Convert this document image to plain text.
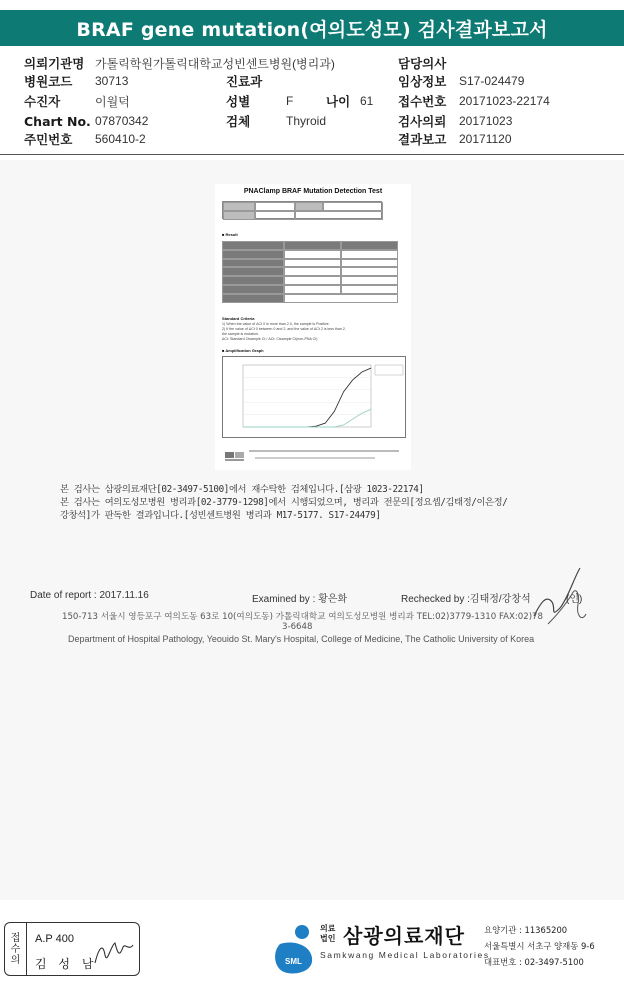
BRAF gene mutation(여의도성모) 검사결과보고서
의뢰기관명 가톨릭학원가톨릭대학교성빈센트병원(병리과)	담당의사
병원코드 30713	진료과	임상정보 S17-024479
수진자	이월덕	성별	F	나이 61 접수번호 20171023-22174
Chart No. 07870342	검체	Thyroid	검사의뢰 20171023
주민번호 560410-2	결과보고 20171120
PNAClamp BRAF Mutation Detection Test
■ Result
Standard Criteria
1) When the value of ΔCt 0 is more than 2.0, the sample is Positive.
2) If the value of ΔCt 0 between 0 and 2, and the value of ΔCt 2 is less than 2,
the sample is mutation.
ΔCt: Standard Ctsample Ct / ΔCt: Ctsample Ct(non-PNA Ct)
■ Amplification Graph
본 검사는 삼광의료재단[02-3497-5100]에서 재수탁한 검체입니다.[삼광 1023-22174]
본 검사는 여의도성모병원 병리과[02-3779-1298]에서 시행되었으며, 병리과 전문의[정요셉/김태정/이은정/
강창석]가 판독한 결과입니다.[성빈센트병원 병리과 M17-5177. S17-24479]
Date of report : 2017.11.16	Examined by : 황은화	Rechecked by :김태정/강창석	(인)
150-713 서울시 영등포구 여의도동 63로 10(여의도동) 가톨릭대학교 여의도성모병원 병리과 TEL:02)3779-1310 FAX:02)78
3-6648
Department of Hospital Pathology, Yeouido St. Mary's Hospital, College of Medicine, The Catholic University of Korea
접
수
의
A.P 400
김 성 남	SML
의료
법인 삼광의료재단
Samkwang Medical Laboratories
요양기관 : 11365200
서울특별시 서초구 양재동 9-6
대표번호 : 02-3497-5100
